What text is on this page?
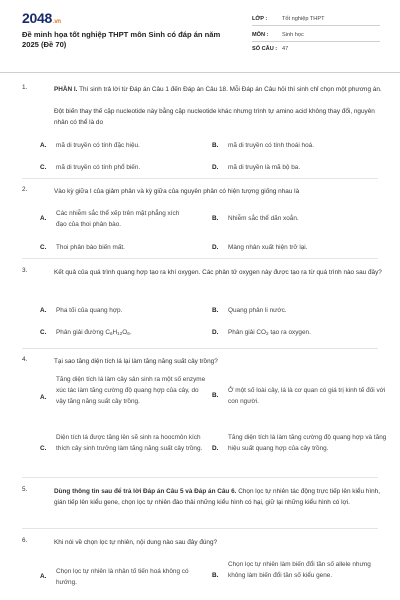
2048.vn
Đề minh họa tốt nghiệp THPT môn Sinh có đáp án năm 2025 (Đề 70)
LỚP :	Tốt nghiệp THPT
MÔN : Sinh học
SỐ CÂU : 47
1.	PHẦN I. Thí sinh trả lời từ Đáp án Câu 1 đến Đáp án Câu 18. Mỗi Đáp án Câu hỏi thí sinh chỉ chọn một phương án.
Đột biến thay thế cặp nucleotide này bằng cặp nucleotide khác nhưng trình tự amino acid không thay đổi, nguyên nhân có thể là do
A. mã di truyền có tính đặc hiệu.	B. mã di truyền có tính thoái hoá.
C. mã di truyền có tính phổ biến.	D. mã di truyền là mã bộ ba.
2.	Vào kỳ giữa I của giảm phân và kỳ giữa của nguyên phân có hiện tượng giống nhau là
A.
Các nhiễm sắc thể xếp trên mặt phẳng xích đạo của thoi phân bào.
B. Nhiễm sắc thể dãn xoắn.
C. Thoi phân bào biến mất.	D. Màng nhân xuất hiện trở lại.
3.	Kết quả của quá trình quang hợp tạo ra khí oxygen. Các phân tử oxygen này được tạo ra từ quá trình nào sau đây?
A. Pha tối của quang hợp.	B. Quang phân li nước.
C. Phân giải đường $C_6H_{12}O_6$.	D. Phân giải $CO_2$ tạo ra oxygen.
4.	Tại sao tăng diện tích lá lại làm tăng năng suất cây trồng?
A.
Tăng diện tích lá làm cây sản sinh ra một số enzyme xúc tác làm tăng cường độ quang hợp của cây, do vậy tăng năng suất cây trồng.
B.
Ở một số loài cây, lá là cơ quan có giá trị kinh tế đối với con người.
C.
Diện tích lá được tăng lên sẽ sinh ra hoocmôn kích thích cây sinh trưởng làm tăng năng suất cây trồng.	D.
Tăng diện tích lá làm tăng cường độ quang hợp và tăng hiệu suất quang hợp của cây trồng.
5.	Dùng thông tin sau để trả lời Đáp án Câu 5 và Đáp án Câu 6. Chọn lọc tự nhiên tác động trực tiếp lên kiểu hình, gián tiếp lên kiểu gene, chọn lọc tự nhiên đào thải những kiểu hình có hại, giữ lại những kiểu hình có lợi.
6.	Khi nói về chọn lọc tự nhiên, nội dung nào sau đây đúng?
A.
Chọn lọc tự nhiên là nhân tố tiến hoá không có hướng.
B.
Chọn lọc tự nhiên làm biến đổi tần số allele nhưng không làm biến đổi tần số kiểu gene.
